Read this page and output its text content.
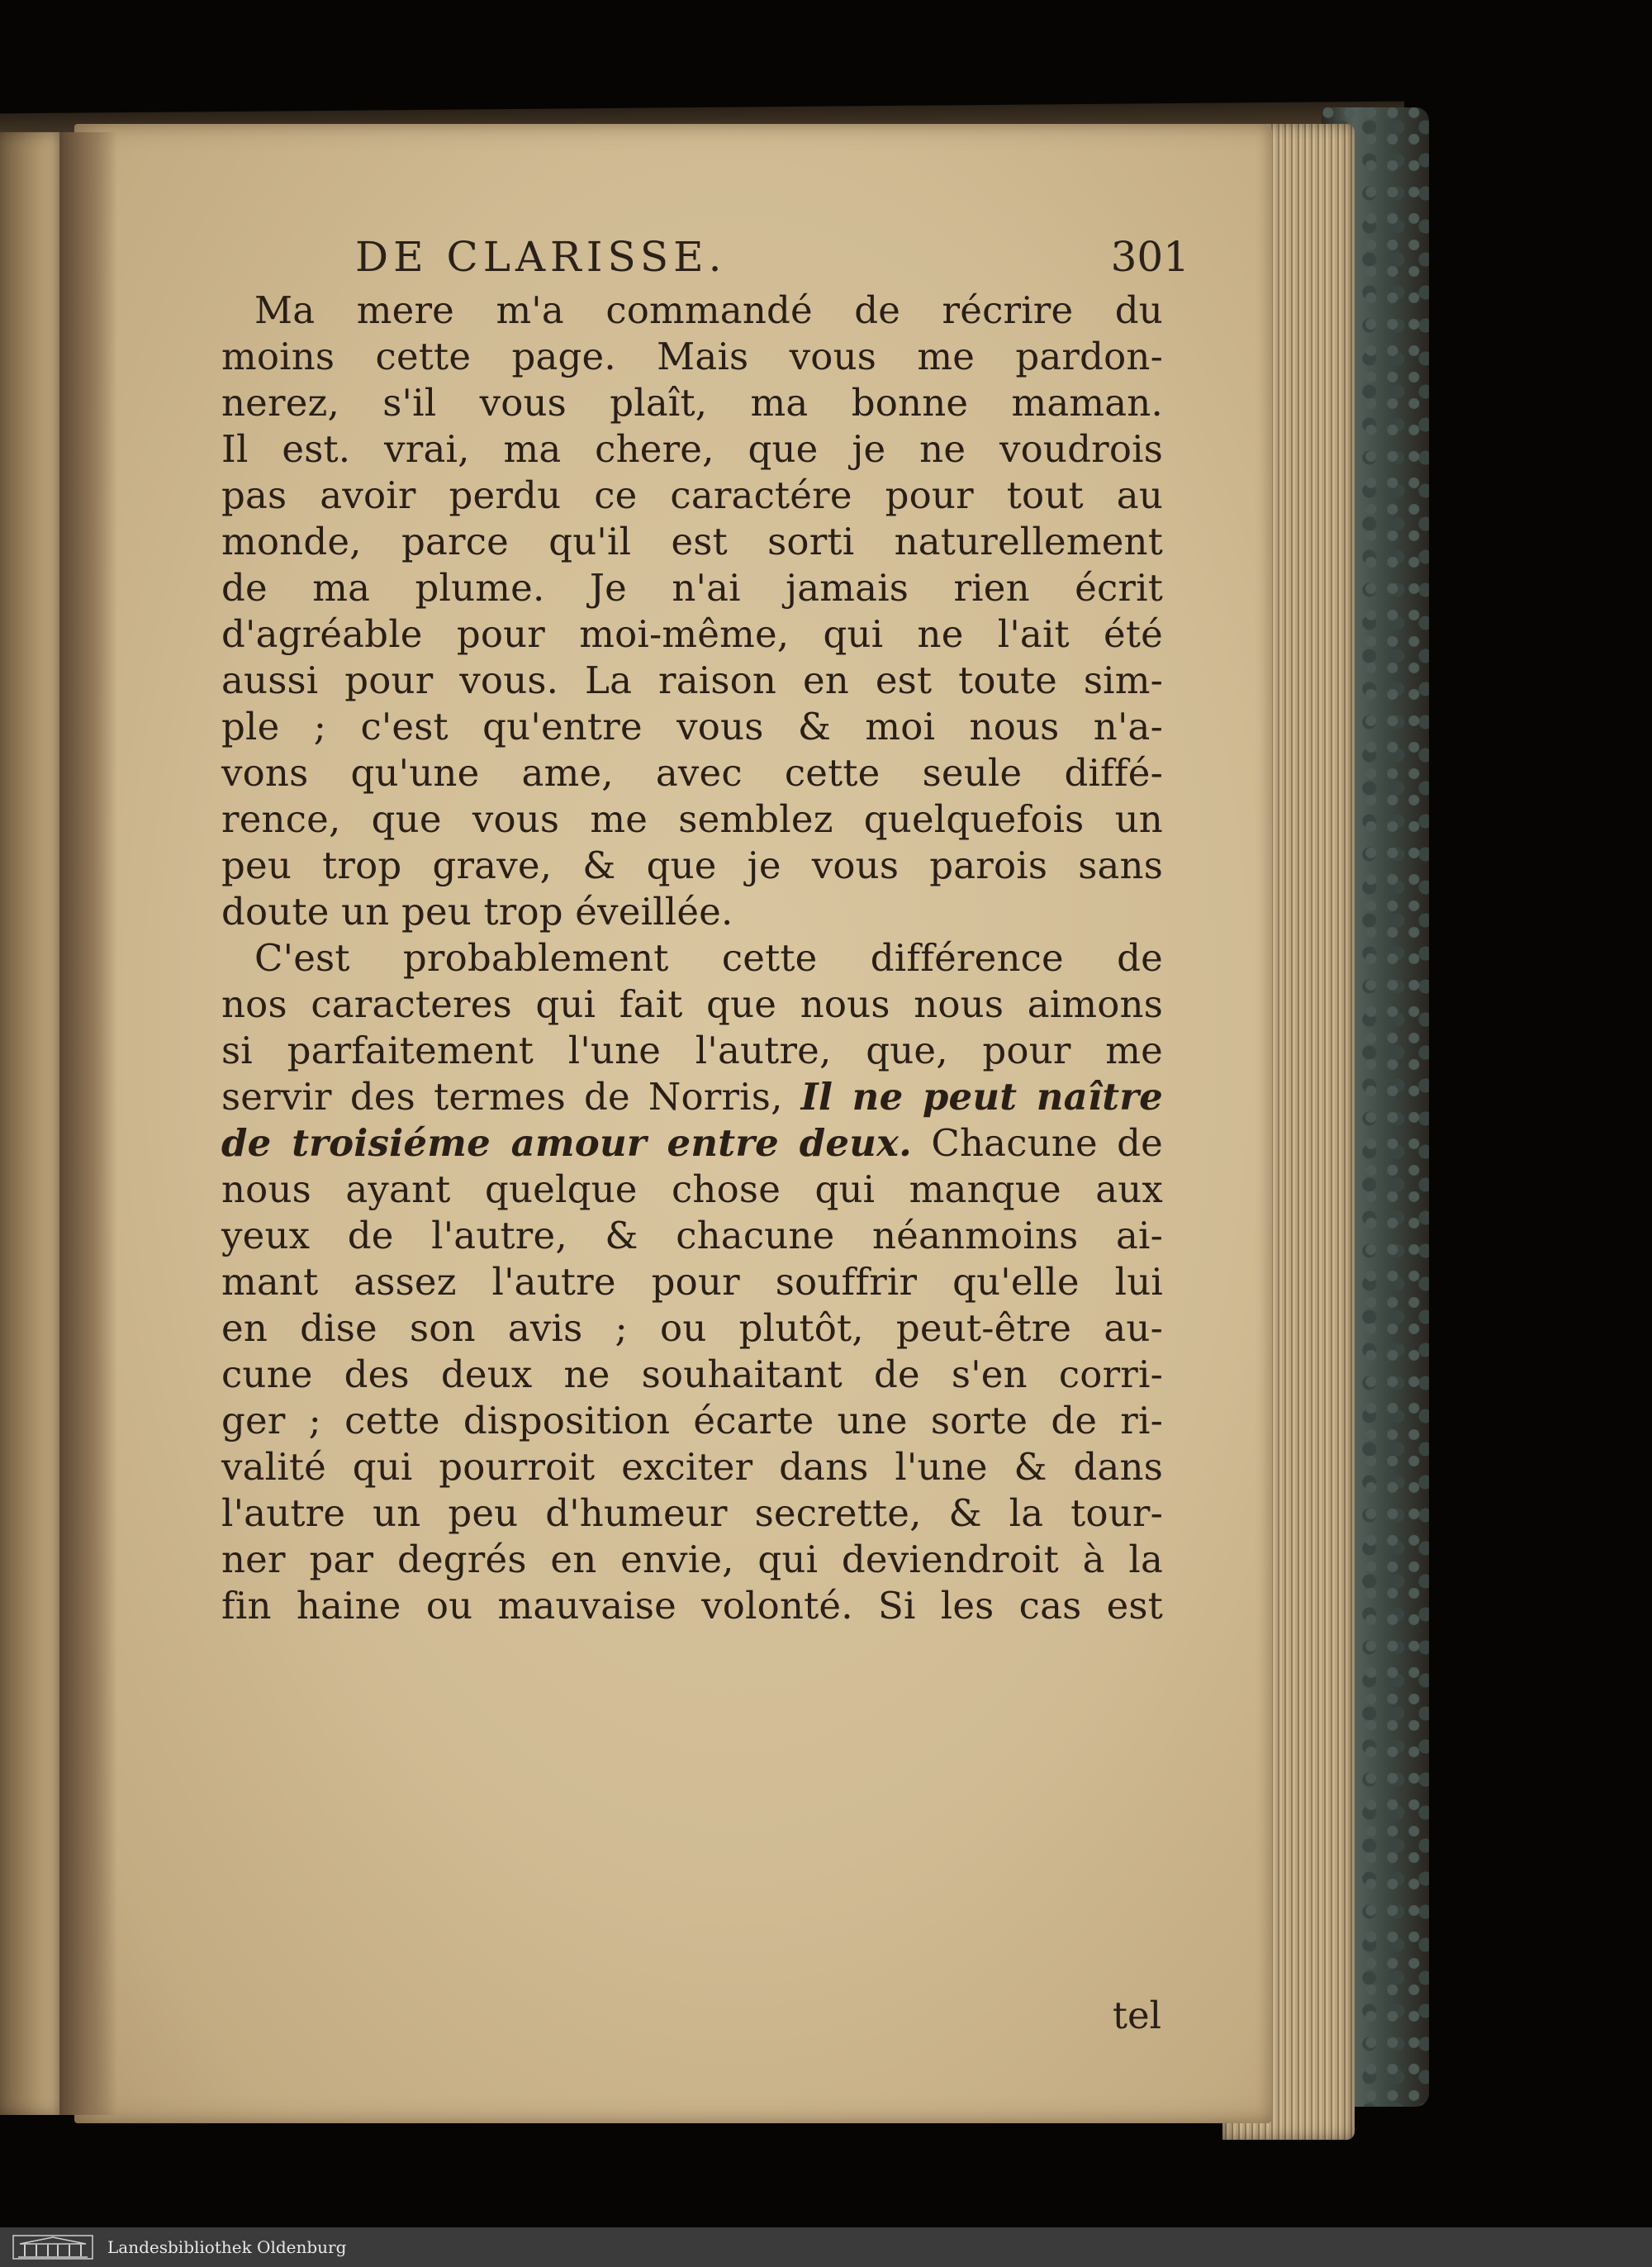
DE CLARISSE.	301
Ma mere m'a commandé de récrire du
moins cette page. Mais vous me pardon-
nerez, s'il vous plaît, ma bonne maman.
Il est. vrai, ma chere, que je ne voudrois
pas avoir perdu ce caractére pour tout au
monde, parce qu'il est sorti naturellement
de ma plume. Je n'ai jamais rien écrit
d'agréable pour moi-même, qui ne l'ait été
aussi pour vous. La raison en est toute sim-
ple ; c'est qu'entre vous & moi nous n'a-
vons qu'une ame, avec cette seule diffé-
rence, que vous me semblez quelquefois un
peu trop grave, & que je vous parois sans
doute un peu trop éveillée.
C'est probablement cette différence de
nos caracteres qui fait que nous nous aimons
si parfaitement l'une l'autre, que, pour me
servir des termes de Norris, Il ne peut naître
de troisiéme amour entre deux. Chacune de
nous ayant quelque chose qui manque aux
yeux de l'autre, & chacune néanmoins ai-
mant assez l'autre pour souffrir qu'elle lui
en dise son avis ; ou plutôt, peut-être au-
cune des deux ne souhaitant de s'en corri-
ger ; cette disposition écarte une sorte de ri-
valité qui pourroit exciter dans l'une & dans
l'autre un peu d'humeur secrette, & la tour-
ner par degrés en envie, qui deviendroit à la
fin haine ou mauvaise volonté. Si les cas est
tel
Landesbibliothek Oldenburg
